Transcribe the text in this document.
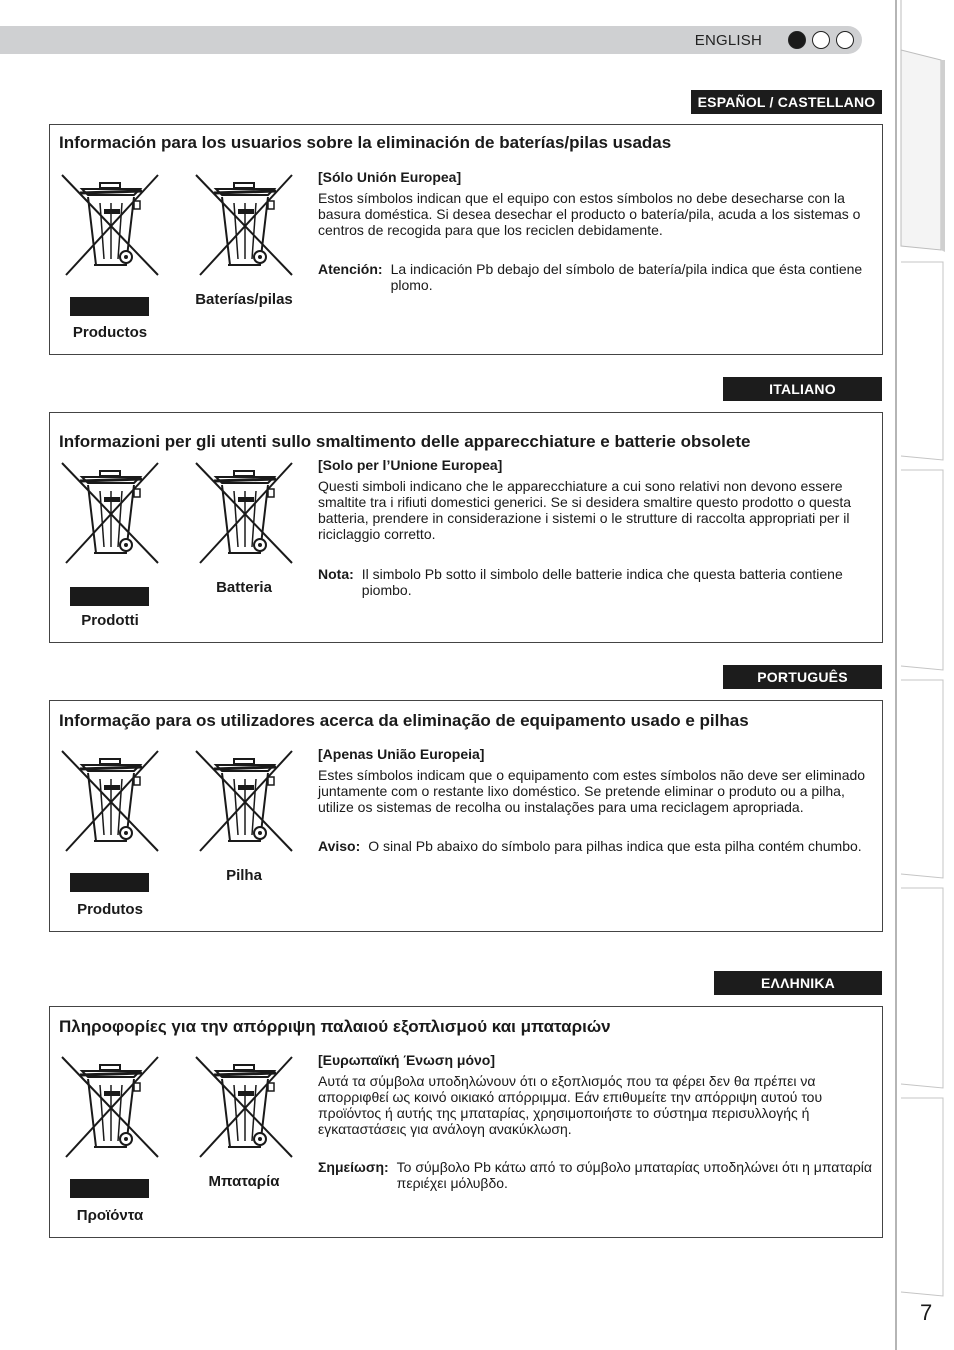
ENGLISH
7
ESPAÑOL / CASTELLANO
Información para los usuarios sobre la eliminación de baterías/pilas usadas
Productos
Baterías/pilas
[Sólo Unión Europea]
Estos símbolos indican que el equipo con estos símbolos no debe desecharse con la basura doméstica. Si desea desechar el producto o batería/pila, acuda a los sistemas o centros de recogida para que los reciclen debidamente.
Atención: La indicación Pb debajo del símbolo de batería/pila indica que ésta contiene plomo.
ITALIANO
Informazioni per gli utenti sullo smaltimento delle apparecchiature e batterie obsolete
Prodotti
Batteria
[Solo per l’Unione Europea]
Questi simboli indicano che le apparecchiature a cui sono relativi non devono essere smaltite tra i rifiuti domestici generici. Se si desidera smaltire questo prodotto o questa batteria, prendere in considerazione i sistemi o le strutture di raccolta appropriati per il riciclaggio corretto.
Nota: Il simbolo Pb sotto il simbolo delle batterie indica che questa batteria contiene piombo.
PORTUGUÊS
Informação para os utilizadores acerca da eliminação de equipamento usado e pilhas
Produtos
Pilha
[Apenas União Europeia]
Estes símbolos indicam que o equipamento com estes símbolos não deve ser eliminado juntamente com o restante lixo doméstico. Se pretende eliminar o produto ou a pilha, utilize os sistemas de recolha ou instalações para uma reciclagem apropriada.
Aviso: O sinal Pb abaixo do símbolo para pilhas indica que esta pilha contém chumbo.
ΕΛΛΗΝΙΚΑ
Πληροφορίες για την απόρριψη παλαιού εξοπλισμού και μπαταριών
Προϊόντα
Μπαταρία
[Ευρωπαϊκή Ένωση μόνο]
Αυτά τα σύμβολα υποδηλώνουν ότι ο εξοπλισμός που τα φέρει δεν θα πρέπει να απορριφθεί ως κοινό οικιακό απόρριμμα. Εάν επιθυμείτε την απόρριψη αυτού του προϊόντος ή αυτής της μπαταρίας, χρησιμοποιήστε το σύστημα περισυλλογής ή εγκαταστάσεις για ανάλογη ανακύκλωση.
Σημείωση: Το σύμβολο Pb κάτω από το σύμβολο μπαταρίας υποδηλώνει ότι η μπαταρία περιέχει μόλυβδο.
